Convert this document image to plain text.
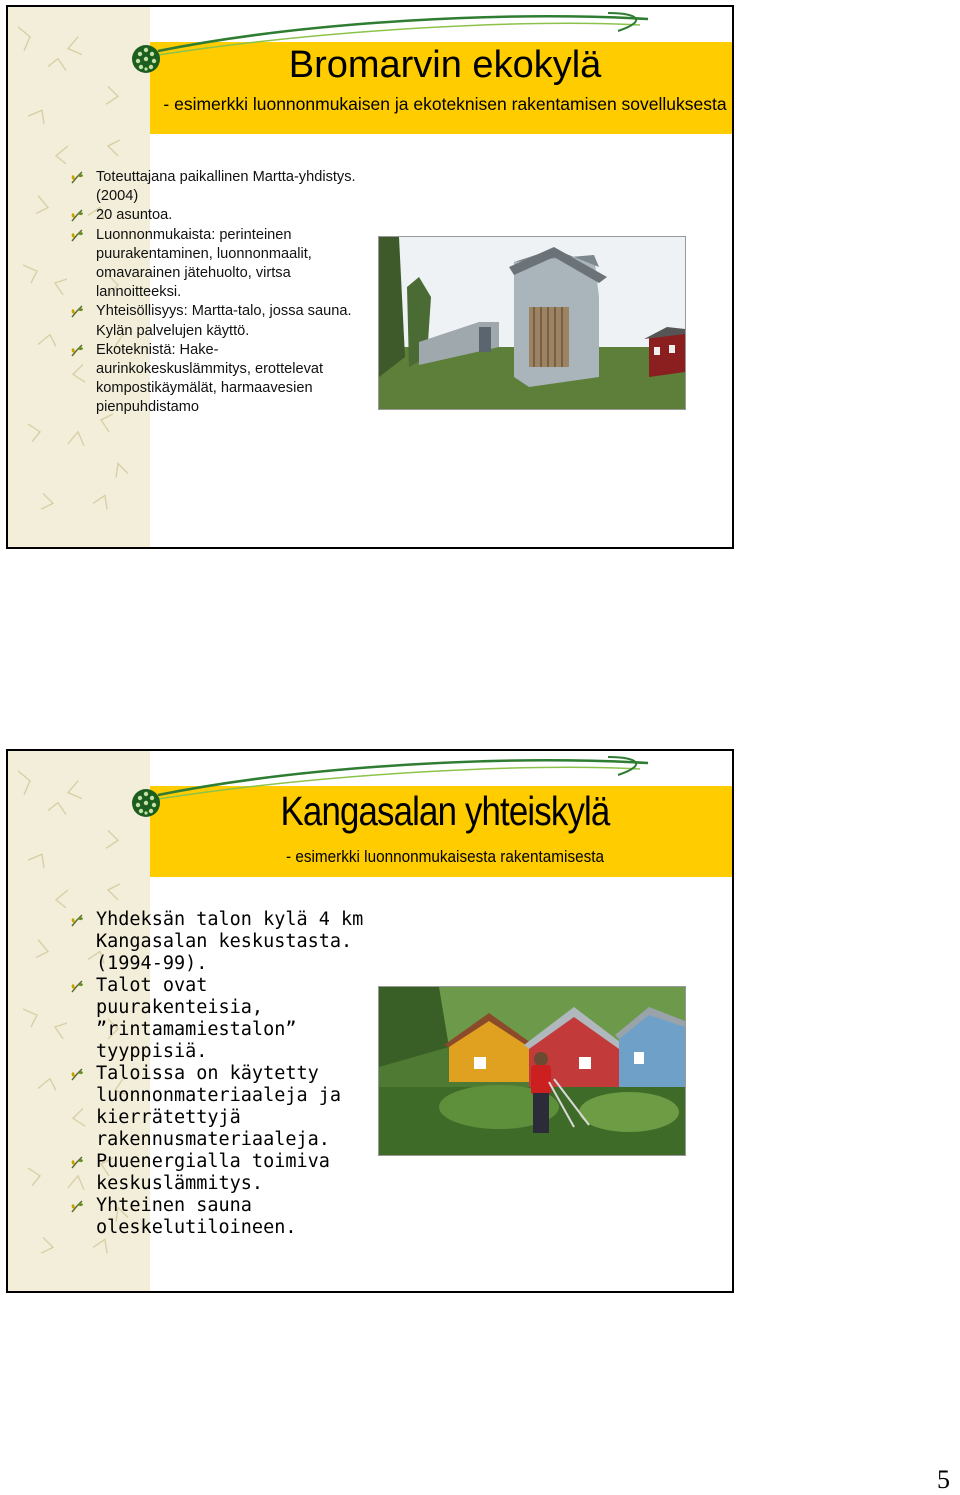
Bromarvin ekokylä
- esimerkki luonnonmukaisen ja ekoteknisen rakentamisen sovelluksesta
Toteuttajana paikallinen Martta-yhdistys. (2004)
20 asuntoa.
Luonnonmukaista: perinteinen puurakentaminen, luonnonmaalit, omavarainen jätehuolto, virtsa lannoitteeksi.
Yhteisöllisyys: Martta-talo, jossa sauna. Kylän palvelujen käyttö.
Ekoteknistä: Hake-aurinkokeskuslämmitys, erottelevat kompostikäymälät, harmaavesien pienpuhdistamo
Kangasalan yhteiskylä
- esimerkki luonnonmukaisesta rakentamisesta
Yhdeksän talon kylä 4 km Kangasalan keskustasta. (1994-99).
Talot ovat puurakenteisia, ”rintamamiestalon” tyyppisiä.
Taloissa on käytetty luonnonmateriaaleja ja kierrätettyjä rakennusmateriaaleja.
Puuenergialla toimiva keskuslämmitys.
Yhteinen sauna oleskelutiloineen.
5
